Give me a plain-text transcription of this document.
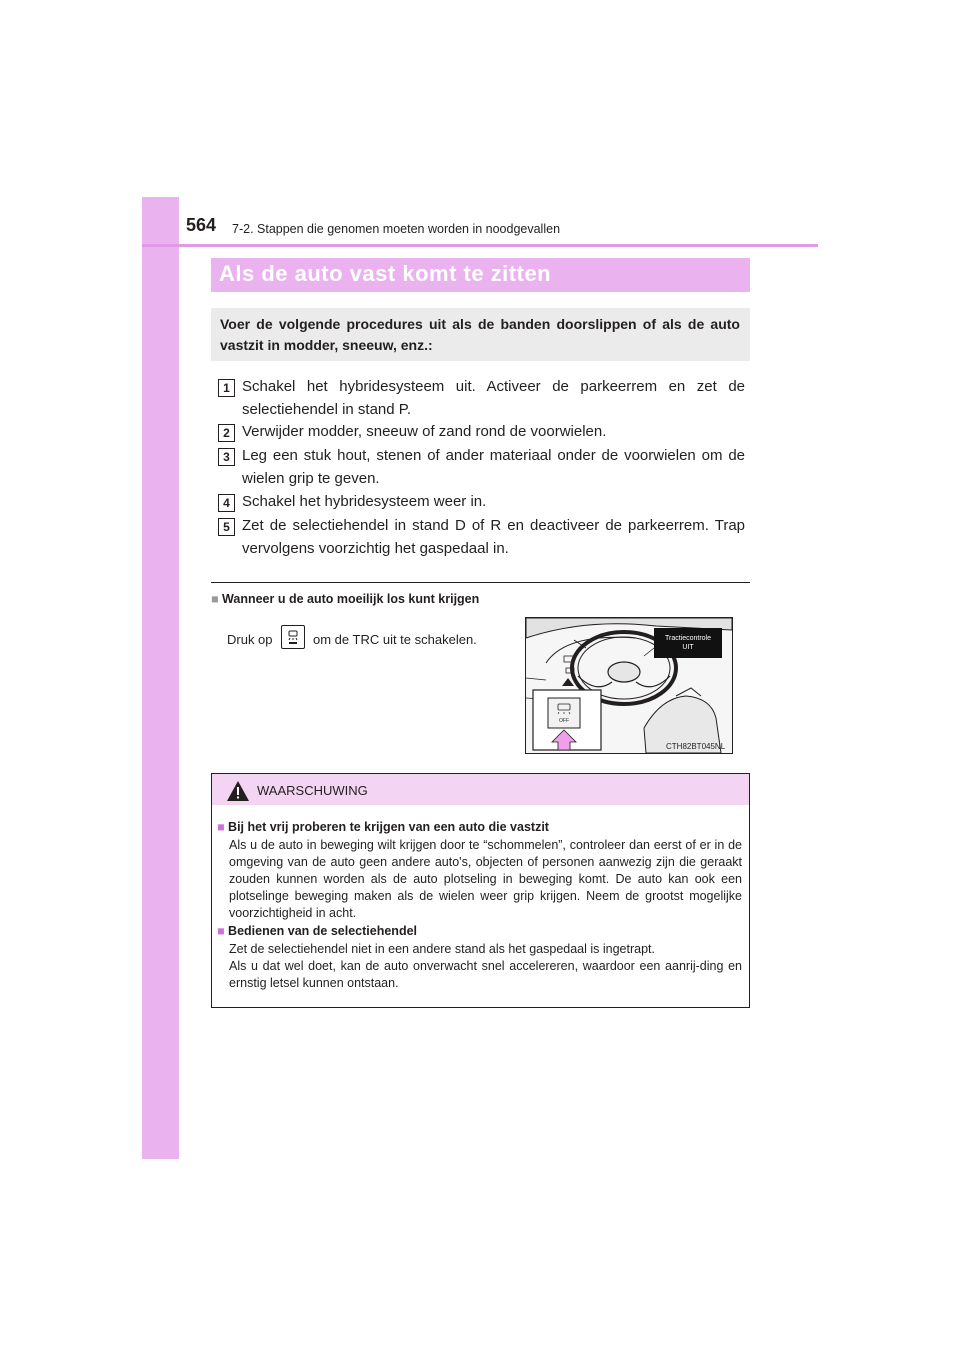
564 7-2. Stappen die genomen moeten worden in noodgevallen
Als de auto vast komt te zitten
Voer de volgende procedures uit als de banden doorslippen of als de auto vastzit in modder, sneeuw, enz.:
1 Schakel het hybridesysteem uit. Activeer de parkeerrem en zet de selectiehendel in stand P.
2 Verwijder modder, sneeuw of zand rond de voorwielen.
3 Leg een stuk hout, stenen of ander materiaal onder de voorwielen om de wielen grip te geven.
4 Schakel het hybridesysteem weer in.
5 Zet de selectiehendel in stand D of R en deactiveer de parkeerrem. Trap vervolgens voorzichtig het gaspedaal in.
■ Wanneer u de auto moeilijk los kunt krijgen
Druk op	om de TRC uit te schakelen.
OFF
Tractiecontrole
UIT
CTH82BT045NL
WAARSCHUWING
■ Bij het vrij proberen te krijgen van een auto die vastzit
Als u de auto in beweging wilt krijgen door te “schommelen”, controleer dan eerst of er in de omgeving van de auto geen andere auto's, objecten of personen aanwezig zijn die geraakt zouden kunnen worden als de auto plotseling in beweging komt. De auto kan ook een plotselinge beweging maken als de wielen weer grip krijgen. Neem de grootst mogelijke voorzichtigheid in acht.
■ Bedienen van de selectiehendel
Zet de selectiehendel niet in een andere stand als het gaspedaal is ingetrapt.
Als u dat wel doet, kan de auto onverwacht snel accelereren, waardoor een aanrij-ding en ernstig letsel kunnen ontstaan.
